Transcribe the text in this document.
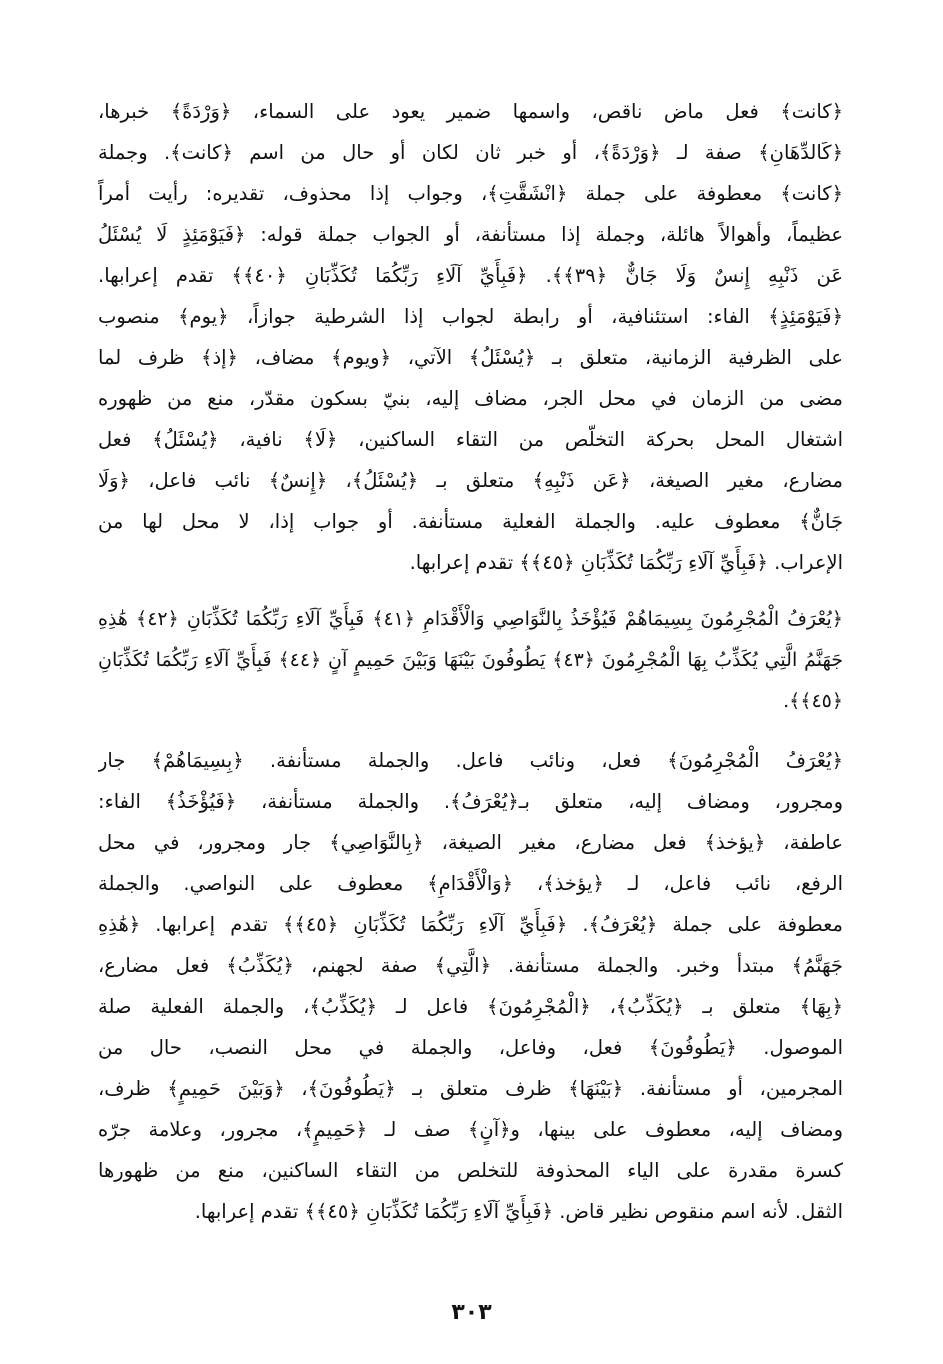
﴿كانت﴾ فعل ماض ناقص، واسمها ضمير يعود على السماء، ﴿وَرْدَةً﴾ خبرها،
﴿كَالدِّهَانِ﴾ صفة لـ ﴿وَرْدَةً﴾، أو خبر ثان لكان أو حال من اسم ﴿كانت﴾. وجملة
﴿كانت﴾ معطوفة على جملة ﴿انْشَقَّتِ﴾، وجواب إذا محذوف، تقديره: رأيت أمراً
عظيماً، وأهوالاً هائلة، وجملة إذا مستأنفة، أو الجواب جملة قوله: ﴿فَيَوْمَئِذٍ لَا يُسْئَلُ
عَن ذَنْبِهِ إِنسٌ وَلَا جَانٌّ ﴿٣٩﴾﴾. ﴿فَبِأَيِّ آلَاءِ رَبِّكُمَا تُكَذِّبَانِ ﴿٤٠﴾﴾ تقدم إعرابها.
﴿فَيَوْمَئِذٍ﴾ الفاء: استئنافية، أو رابطة لجواب إذا الشرطية جوازاً، ﴿يوم﴾ منصوب
على الظرفية الزمانية، متعلق بـ ﴿يُسْئَلُ﴾ الآتي، ﴿ويوم﴾ مضاف، ﴿إذ﴾ ظرف لما
مضى من الزمان في محل الجر، مضاف إليه، بنيّ بسكون مقدّر، منع من ظهوره
اشتغال المحل بحركة التخلّص من التقاء الساكنين، ﴿لَا﴾ نافية، ﴿يُسْئَلُ﴾ فعل
مضارع، مغير الصيغة، ﴿عَن ذَنْبِهِ﴾ متعلق بـ ﴿يُسْئَلُ﴾، ﴿إِنسٌ﴾ نائب فاعل، ﴿وَلَا
جَانٌّ﴾ معطوف عليه. والجملة الفعلية مستأنفة. أو جواب إذا، لا محل لها من
الإعراب. ﴿فَبِأَيِّ آلَاءِ رَبِّكُمَا تُكَذِّبَانِ ﴿٤٥﴾﴾ تقدم إعرابها.
﴿يُعْرَفُ الْمُجْرِمُونَ بِسِيمَاهُمْ فَيُؤْخَذُ بِالنَّوَاصِي وَالْأَقْدَامِ ﴿٤١﴾ فَبِأَيِّ آلَاءِ رَبِّكُمَا تُكَذِّبَانِ ﴿٤٢﴾ هَٰذِهِ
جَهَنَّمُ الَّتِي يُكَذِّبُ بِهَا الْمُجْرِمُونَ ﴿٤٣﴾ يَطُوفُونَ بَيْنَهَا وَبَيْنَ حَمِيمٍ آنٍ ﴿٤٤﴾ فَبِأَيِّ آلَاءِ رَبِّكُمَا تُكَذِّبَانِ
﴿٤٥﴾﴾.
﴿يُعْرَفُ الْمُجْرِمُونَ﴾ فعل، ونائب فاعل. والجملة مستأنفة. ﴿بِسِيمَاهُمْ﴾ جار
ومجرور، ومضاف إليه، متعلق بـ﴿يُعْرَفُ﴾. والجملة مستأنفة، ﴿فَيُؤْخَذُ﴾ الفاء:
عاطفة، ﴿يؤخذ﴾ فعل مضارع، مغير الصيغة، ﴿بِالنَّوَاصِي﴾ جار ومجرور، في محل
الرفع، نائب فاعل، لـ ﴿يؤخذ﴾، ﴿وَالْأَقْدَامِ﴾ معطوف على النواصي. والجملة
معطوفة على جملة ﴿يُعْرَفُ﴾. ﴿فَبِأَيِّ آلَاءِ رَبِّكُمَا تُكَذِّبَانِ ﴿٤٥﴾﴾ تقدم إعرابها. ﴿هَٰذِهِ
جَهَنَّمُ﴾ مبتدأ وخبر. والجملة مستأنفة. ﴿الَّتِي﴾ صفة لجهنم، ﴿يُكَذِّبُ﴾ فعل مضارع،
﴿بِهَا﴾ متعلق بـ ﴿يُكَذِّبُ﴾، ﴿الْمُجْرِمُونَ﴾ فاعل لـ ﴿يُكَذِّبُ﴾، والجملة الفعلية صلة
الموصول. ﴿يَطُوفُونَ﴾ فعل، وفاعل، والجملة في محل النصب، حال من
المجرمين، أو مستأنفة. ﴿بَيْنَهَا﴾ ظرف متعلق بـ ﴿يَطُوفُونَ﴾، ﴿وَبَيْنَ حَمِيمٍ﴾ ظرف،
ومضاف إليه، معطوف على بينها، و﴿آنٍ﴾ صف لـ ﴿حَمِيمٍ﴾، مجرور، وعلامة جرّه
كسرة مقدرة على الياء المحذوفة للتخلص من التقاء الساكنين، منع من ظهورها
الثقل. لأنه اسم منقوص نظير قاض. ﴿فَبِأَيِّ آلَاءِ رَبِّكُمَا تُكَذِّبَانِ ﴿٤٥﴾﴾ تقدم إعرابها.
٣٠٣
